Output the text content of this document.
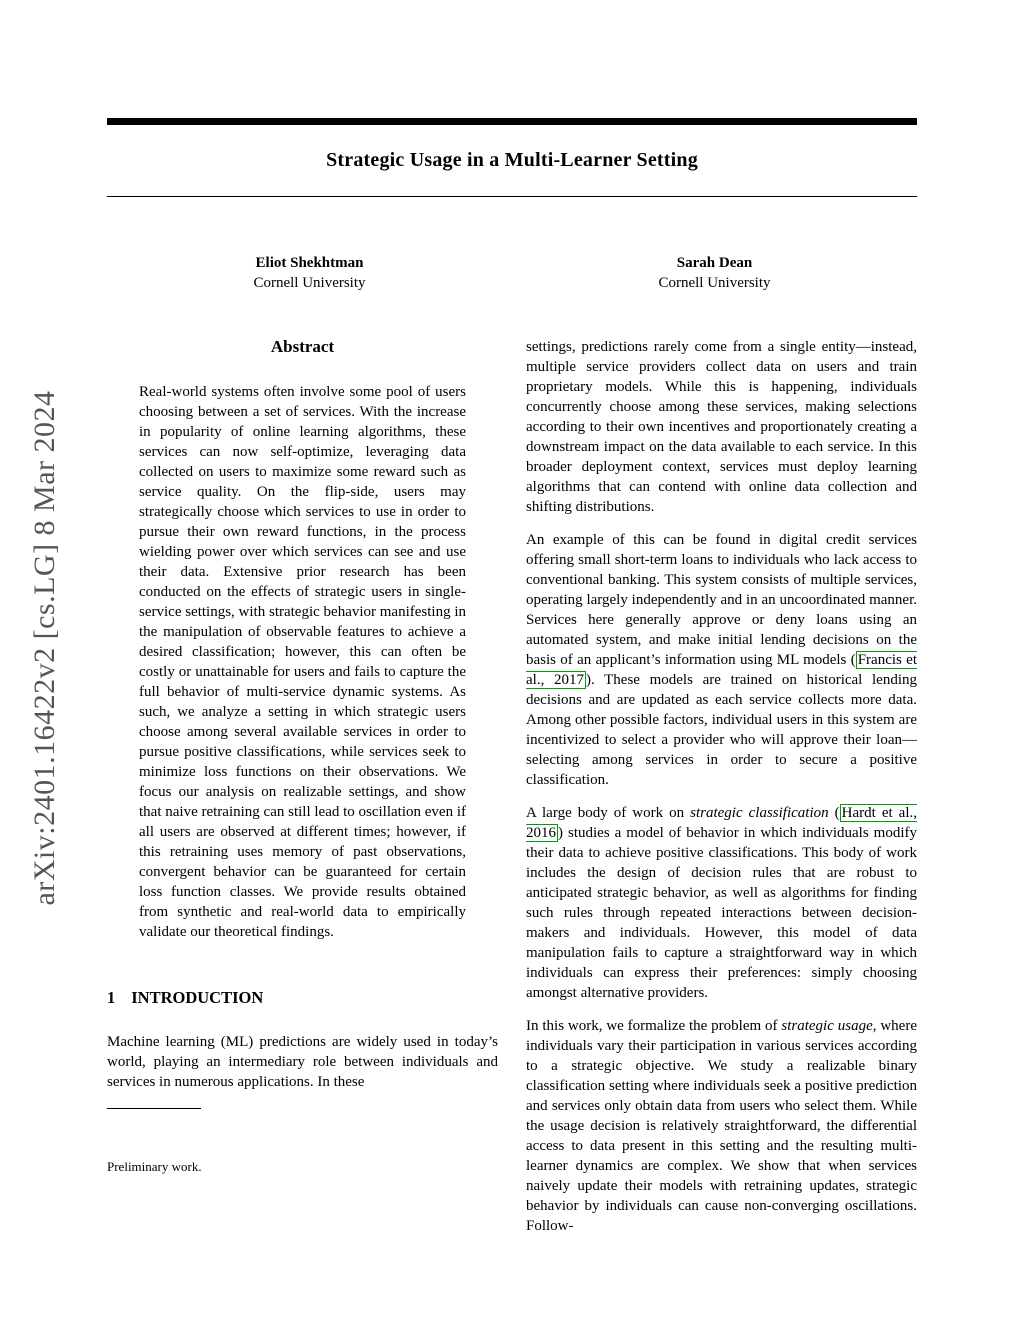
arXiv:2401.16422v2 [cs.LG] 8 Mar 2024
Strategic Usage in a Multi-Learner Setting
Eliot Shekhtman
Cornell University
Sarah Dean
Cornell University
Abstract
Real-world systems often involve some pool of users choosing between a set of services. With the increase in popularity of online learning algorithms, these services can now self-optimize, leveraging data collected on users to maximize some reward such as service quality. On the flip-side, users may strategically choose which services to use in order to pursue their own reward functions, in the process wielding power over which services can see and use their data. Extensive prior research has been conducted on the effects of strategic users in single-service settings, with strategic behavior manifesting in the manipulation of observable features to achieve a desired classification; however, this can often be costly or unattainable for users and fails to capture the full behavior of multi-service dynamic systems. As such, we analyze a setting in which strategic users choose among several available services in order to pursue positive classifications, while services seek to minimize loss functions on their observations. We focus our analysis on realizable settings, and show that naive retraining can still lead to oscillation even if all users are observed at different times; however, if this retraining uses memory of past observations, convergent behavior can be guaranteed for certain loss function classes. We provide results obtained from synthetic and real-world data to empirically validate our theoretical findings.
1 INTRODUCTION
Machine learning (ML) predictions are widely used in today’s world, playing an intermediary role between individuals and services in numerous applications. In these
Preliminary work.

settings, predictions rarely come from a single entity—instead, multiple service providers collect data on users and train proprietary models. While this is happening, individuals concurrently choose among these services, making selections according to their own incentives and proportionately creating a downstream impact on the data available to each service. In this broader deployment context, services must deploy learning algorithms that can contend with online data collection and shifting distributions.

An example of this can be found in digital credit services offering small short-term loans to individuals who lack access to conventional banking. This system consists of multiple services, operating largely independently and in an uncoordinated manner. Services here generally approve or deny loans using an automated system, and make initial lending decisions on the basis of an applicant’s information using ML models ( Francis et al., 2017 ). These models are trained on historical lending decisions and are updated as each service collects more data. Among other possible factors, individual users in this system are incentivized to select a provider who will approve their loan—selecting among services in order to secure a positive classification.

A large body of work on strategic classification ( Hardt et al., 2016 ) studies a model of behavior in which individuals modify their data to achieve positive classifications. This body of work includes the design of decision rules that are robust to anticipated strategic behavior, as well as algorithms for finding such rules through repeated interactions between decision-makers and individuals. However, this model of data manipulation fails to capture a straightforward way in which individuals can express their preferences: simply choosing amongst alternative providers.

In this work, we formalize the problem of strategic usage, where individuals vary their participation in various services according to a strategic objective. We study a realizable binary classification setting where individuals seek a positive prediction and services only obtain data from users who select them. While the usage decision is relatively straightforward, the differential access to data present in this setting and the resulting multi-learner dynamics are complex. We show that when services naively update their models with retraining updates, strategic behavior by individuals can cause non-converging oscillations. Follow-
